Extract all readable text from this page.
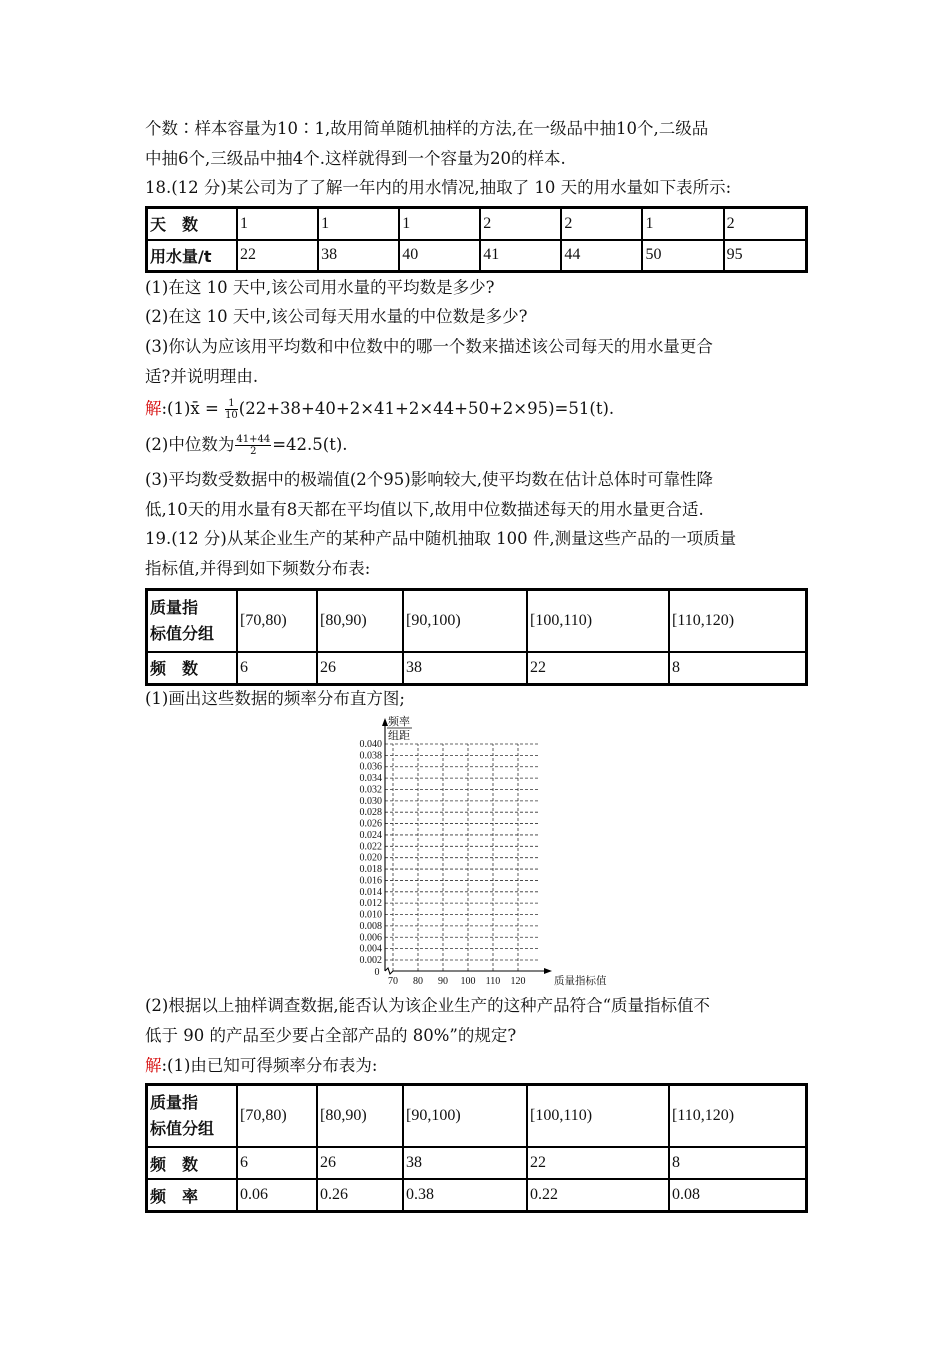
个数∶样本容量为10∶1,故用简单随机抽样的方法,在一级品中抽10个,二级品
中抽6个,三级品中抽4个.这样就得到一个容量为20的样本.
18.(12 分)某公司为了了解一年内的用水情况,抽取了 10 天的用水量如下表所示:
天　数	1	1	1	2	2	1	2
用水量/t	22	38	40	41	44	50	95
(1)在这 10 天中,该公司用水量的平均数是多少?
(2)在这 10 天中,该公司每天用水量的中位数是多少?
(3)你认为应该用平均数和中位数中的哪一个数来描述该公司每天的用水量更合
适?并说明理由.
解:(1)x̄ = $\frac{1}{10} (22+38+40+2\times 41+2\times 44+50+2\times 95)=51(t)$.
(2)中位数为 $\frac{41+44}{2} =42.5(t)$.
(3)平均数受数据中的极端值(2个95)影响较大,使平均数在估计总体时可靠性降
低,10天的用水量有8天都在平均值以下,故用中位数描述每天的用水量更合适.
19.(12 分)从某企业生产的某种产品中随机抽取 100 件,测量这些产品的一项质量
指标值,并得到如下频数分布表:
质量指
标值分组	[70,80)	[80,90)	[90,100)	[100,110)	[110,120)
频　数	6	26	38	22	8
(1)画出这些数据的频率分布直方图;
0.002
0.004
0.006
0.008
0.010
0.012
0.014
0.016
0.018
0.020
0.022
0.024
0.026
0.028
0.030
0.032
0.034
0.036
0.038
0.040
70 80 90 100 110 120
0
频率
组距
质量指标值
(2)根据以上抽样调查数据,能否认为该企业生产的这种产品符合“质量指标值不
低于 90 的产品至少要占全部产品的 80%”的规定?
解:(1)由已知可得频率分布表为:
质量指
标值分组	[70,80)	[80,90)	[90,100)	[100,110)	[110,120)
频　数	6	26	38	22	8
频　率	0.06	0.26	0.38	0.22	0.08
